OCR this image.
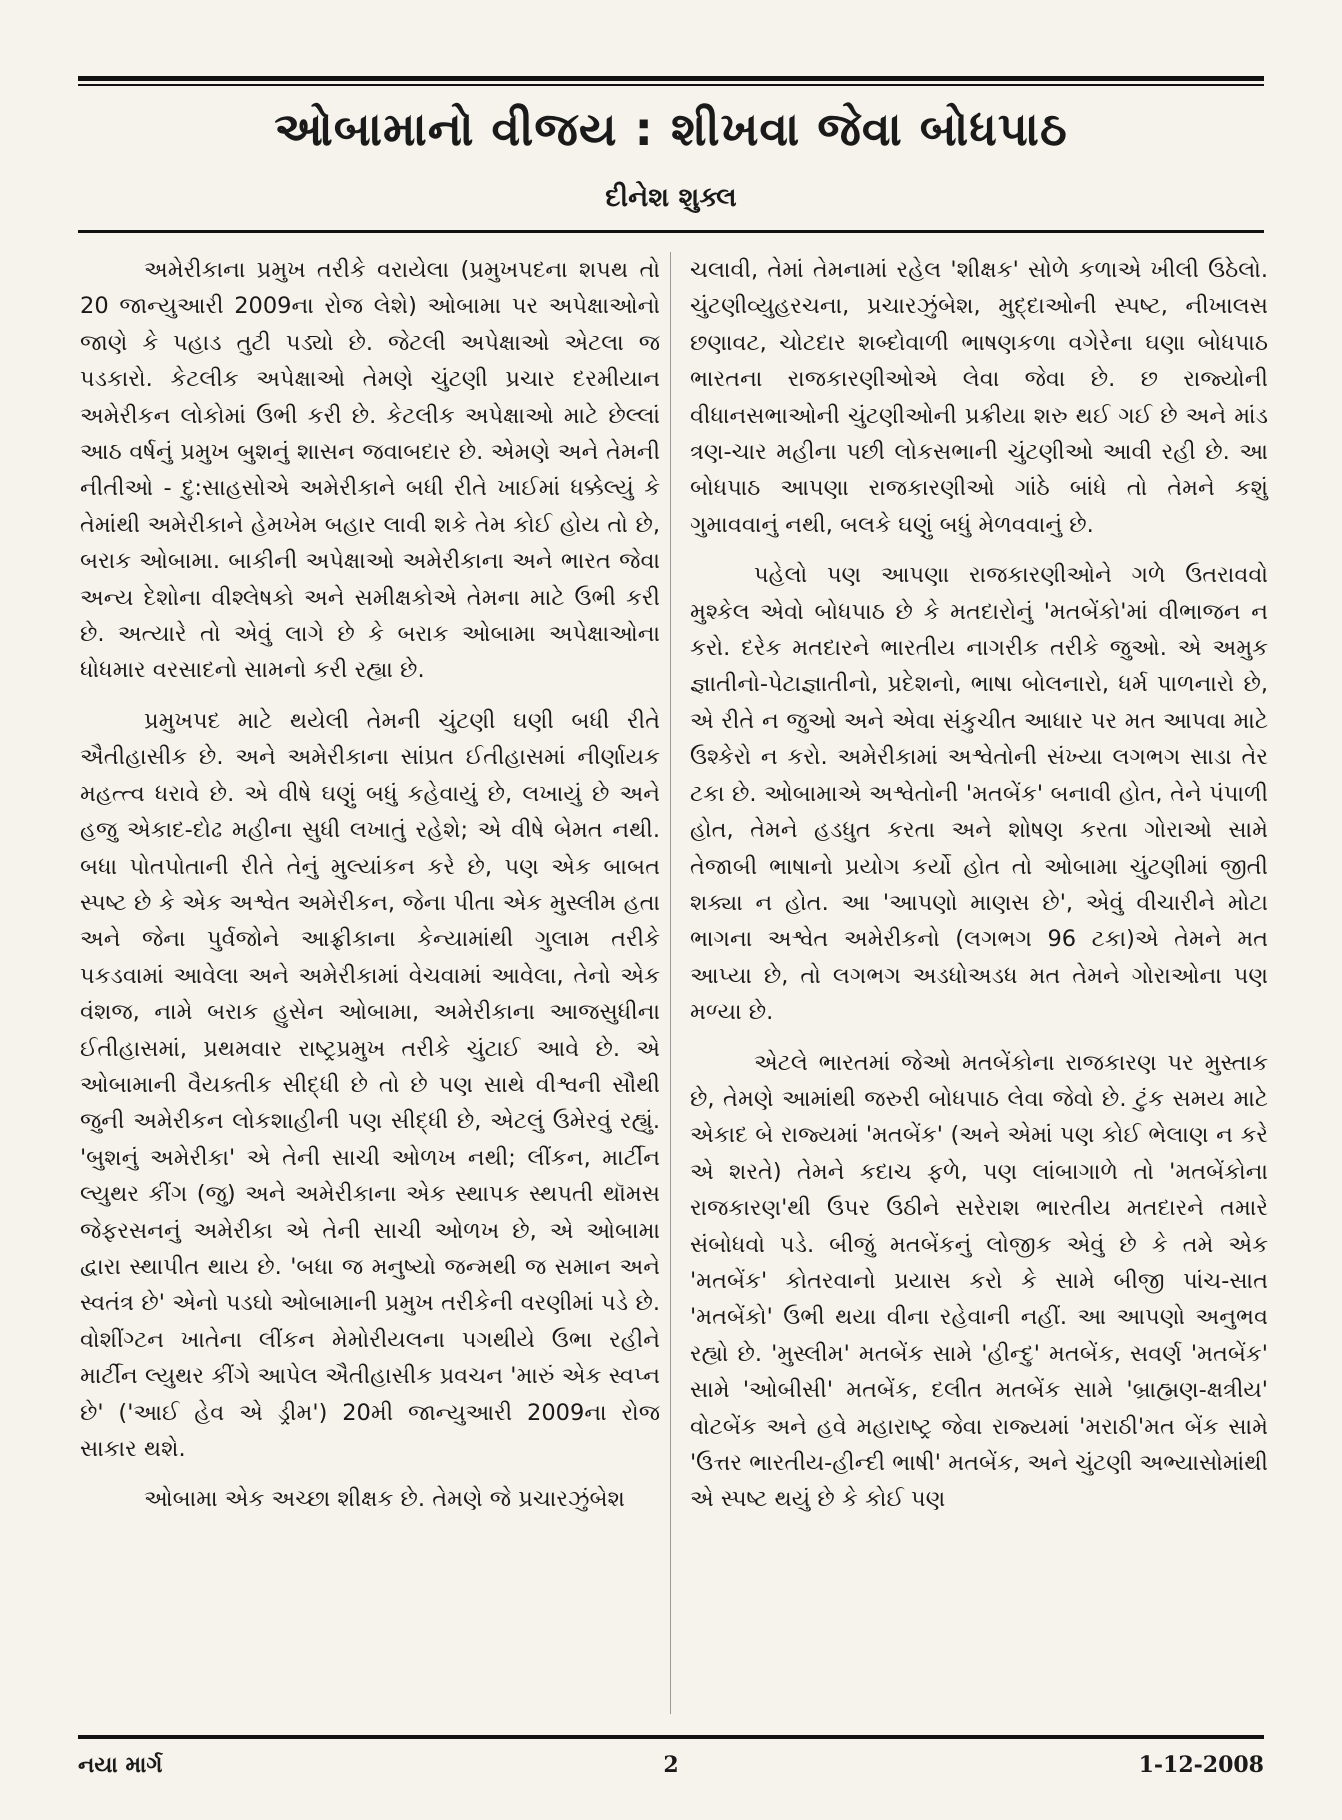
ઓબામાનો વીજય : શીખવા જેવા બોધપાઠ
દીનેશ શુક્લ

અમેરીકાના પ્રમુખ તરીકે વરાયેલા (પ્રમુખપદના શપથ તો 20 જાન્યુઆરી 2009ના રોજ લેશે) ઓબામા પર અપેક્ષાઓનો જાણે કે પહાડ તુટી પડ્યો છે. જેટલી અપેક્ષાઓ એટલા જ પડકારો. કેટલીક અપેક્ષાઓ તેમણે ચુંટણી પ્રચાર દરમીયાન અમેરીકન લોકોમાં ઉભી કરી છે. કેટલીક અપેક્ષાઓ માટે છેલ્લાં આઠ વર્ષનું પ્રમુખ બુશનું શાસન જવાબદાર છે. એમણે અને તેમની નીતીઓ - દુ:સાહસોએ અમેરીકાને બધી રીતે ખાઈમાં ધક્કેલ્યું કે તેમાંથી અમેરીકાને હેમખેમ બહાર લાવી શકે તેમ કોઈ હોય તો છે, બરાક ઓબામા. બાકીની અપેક્ષાઓ અમેરીકાના અને ભારત જેવા અન્ય દેશોના વીશ્લેષકો અને સમીક્ષકોએ તેમના માટે ઉભી કરી છે. અત્યારે તો એવું લાગે છે કે બરાક ઓબામા અપેક્ષાઓના ધોધમાર વરસાદનો સામનો કરી રહ્યા છે.

પ્રમુખપદ માટે થયેલી તેમની ચુંટણી ઘણી બધી રીતે ઐતીહાસીક છે. અને અમેરીકાના સાંપ્રત ઈતીહાસમાં નીર્ણાયક મહત્ત્વ ધરાવે છે. એ વીષે ઘણું બધું કહેવાયું છે, લખાયું છે અને હજુ એકાદ-દોઢ મહીના સુધી લખાતું રહેશે; એ વીષે બેમત નથી. બધા પોતપોતાની રીતે તેનું મુલ્યાંકન કરે છે, પણ એક બાબત સ્પષ્ટ છે કે એક અશ્વેત અમેરીકન, જેના પીતા એક મુસ્લીમ હતા અને જેના પુર્વજોને આફ્રીકાના કેન્યામાંથી ગુલામ તરીકે પકડવામાં આવેલા અને અમેરીકામાં વેચવામાં આવેલા, તેનો એક વંશજ, નામે બરાક હુસેન ઓબામા, અમેરીકાના આજસુધીના ઈતીહાસમાં, પ્રથમવાર રાષ્ટ્રપ્રમુખ તરીકે ચુંટાઈ આવે છે. એ ઓબામાની વૈયક્તીક સીદ્ધી છે તો છે પણ સાથે વીશ્વની સૌથી જુની અમેરીકન લોકશાહીની પણ સીદ્ધી છે, એટલું ઉમેરવું રહ્યું. 'બુશનું અમેરીકા' એ તેની સાચી ઓળખ નથી; લીંકન, માર્ટીન લ્યુથર કીંગ (જુ) અને અમેરીકાના એક સ્થાપક સ્થપતી થૉમસ જેફરસનનું અમેરીકા એ તેની સાચી ઓળખ છે, એ ઓબામા દ્વારા સ્થાપીત થાય છે. 'બધા જ મનુષ્યો જન્મથી જ સમાન અને સ્વતંત્ર છે' એનો પડઘો ઓબામાની પ્રમુખ તરીકેની વરણીમાં પડે છે. વોશીંગ્ટન ખાતેના લીંકન મેમોરીયલના પગથીયે ઉભા રહીને માર્ટીન લ્યુથર કીંગે આપેલ ઐતીહાસીક પ્રવચન 'મારું એક સ્વપ્ન છે' ('આઈ હેવ એ ડ્રીમ') 20મી જાન્યુઆરી 2009ના રોજ સાકાર થશે.

ઓબામા એક અચ્છા શીક્ષક છે. તેમણે જે પ્રચારઝુંબેશ

ચલાવી, તેમાં તેમનામાં રહેલ 'શીક્ષક' સોળે કળાએ ખીલી ઉઠેલો. ચુંટણીવ્યુહરચના, પ્રચારઝુંબેશ, મુદ્દાઓની સ્પષ્ટ, નીખાલસ છણાવટ, ચોટદાર શબ્દોવાળી ભાષણકળા વગેરેના ઘણા બોધપાઠ ભારતના રાજકારણીઓએ લેવા જેવા છે. છ રાજ્યોની વીધાનસભાઓની ચુંટણીઓની પ્રક્રીયા શરુ થઈ ગઈ છે અને માંડ ત્રણ-ચાર મહીના પછી લોકસભાની ચુંટણીઓ આવી રહી છે. આ બોધપાઠ આપણા રાજકારણીઓ ગાંઠે બાંધે તો તેમને કશું ગુમાવવાનું નથી, બલકે ઘણું બધું મેળવવાનું છે.

પહેલો પણ આપણા રાજકારણીઓને ગળે ઉતરાવવો મુશ્કેલ એવો બોધપાઠ છે કે મતદારોનું 'મતબેંકો'માં વીભાજન ન કરો. દરેક મતદારને ભારતીય નાગરીક તરીકે જુઓ. એ અમુક જ્ઞાતીનો-પેટાજ્ઞાતીનો, પ્રદેશનો, ભાષા બોલનારો, ધર્મ પાળનારો છે, એ રીતે ન જુઓ અને એવા સંકુચીત આધાર પર મત આપવા માટે ઉશ્કેરો ન કરો. અમેરીકામાં અશ્વેતોની સંખ્યા લગભગ સાડા તેર ટકા છે. ઓબામાએ અશ્વેતોની 'મતબેંક' બનાવી હોત, તેને પંપાળી હોત, તેમને હડધુત કરતા અને શોષણ કરતા ગોરાઓ સામે તેજાબી ભાષાનો પ્રયોગ કર્યો હોત તો ઓબામા ચુંટણીમાં જીતી શક્યા ન હોત. આ 'આપણો માણસ છે', એવું વીચારીને મોટા ભાગના અશ્વેત અમેરીકનો (લગભગ 96 ટકા)એ તેમને મત આપ્યા છે, તો લગભગ અડધોઅડધ મત તેમને ગોરાઓના પણ મળ્યા છે.

એટલે ભારતમાં જેઓ મતબેંકોના રાજકારણ પર મુસ્તાક છે, તેમણે આમાંથી જરુરી બોધપાઠ લેવા જેવો છે. ટુંક સમય માટે એકાદ બે રાજ્યમાં 'મતબેંક' (અને એમાં પણ કોઈ ભેલાણ ન કરે એ શરતે) તેમને કદાચ ફળે, પણ લાંબાગાળે તો 'મતબેંકોના રાજકારણ'થી ઉપર ઉઠીને સરેરાશ ભારતીય મતદારને તમારે સંબોધવો પડે. બીજું મતબેંકનું લોજીક એવું છે કે તમે એક 'મતબેંક' કોતરવાનો પ્રયાસ કરો કે સામે બીજી પાંચ-સાત 'મતબેંકો' ઉભી થયા વીના રહેવાની નહીં. આ આપણો અનુભવ રહ્યો છે. 'મુસ્લીમ' મતબેંક સામે 'હીન્દુ' મતબેંક, સવર્ણ 'મતબેંક' સામે 'ઓબીસી' મતબેંક, દલીત મતબેંક સામે 'બ્રાહ્મણ-ક્ષત્રીય' વોટબેંક અને હવે મહારાષ્ટ્ર જેવા રાજ્યમાં 'મરાઠી'મત બેંક સામે 'ઉત્તર ભારતીય-હીન્દી ભાષી' મતબેંક, અને ચુંટણી અભ્યાસોમાંથી એ સ્પષ્ટ થયું છે કે કોઈ પણ

નયા માર્ગ	2	1-12-2008
